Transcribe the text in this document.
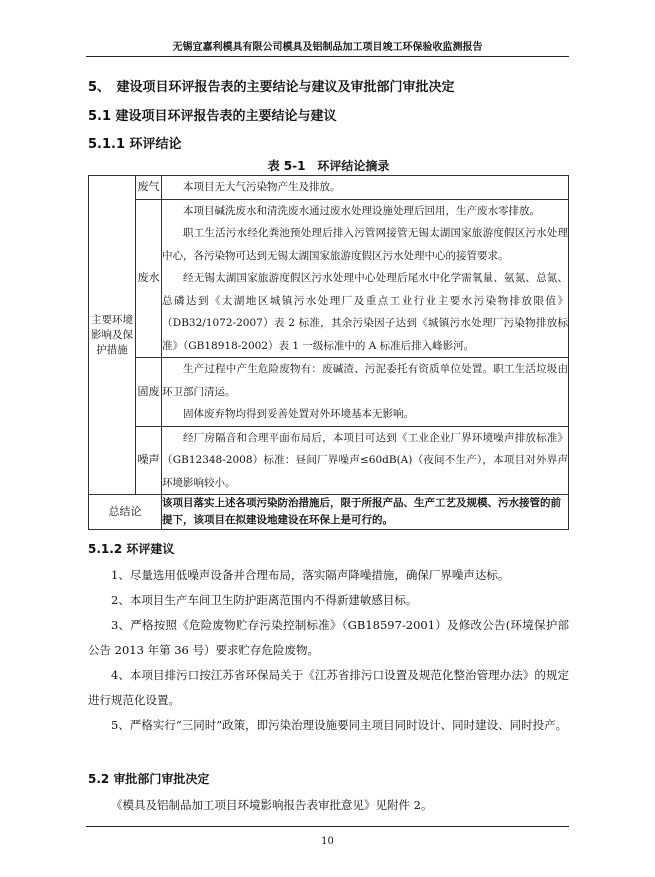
无锡宜嘉利模具有限公司模具及铝制品加工项目竣工环保验收监测报告
5、　建设项目环评报告表的主要结论与建议及审批部门审批决定
5.1 建设项目环评报告表的主要结论与建议
5.1.1 环评结论
表 5-1　环评结论摘录
主要环境影响及保护措施	废气	本项目无大气污染物产生及排放。

	废水	本项目碱洗废水和清洗废水通过废水处理设施处理后回用，生产废水零排放。
职工生活污水经化粪池预处理后排入污管网接管无锡太湖国家旅游度假区污水处理中心，各污染物可达到无锡太湖国家旅游度假区污水处理中心的接管要求。
经无锡太湖国家旅游度假区污水处理中心处理后尾水中化学需氧量、氨氮、总氮、总磷达到《太湖地区城镇污水处理厂及重点工业行业主要水污染物排放限值》（DB32/1072-2007）表 2 标准，其余污染因子达到《城镇污水处理厂污染物排放标准》（GB18918-2002）表 1 一级标准中的 A 标准后排入峰影河。

	固废	生产过程中产生危险废物有：废碱渣、污泥委托有资质单位处置。职工生活垃圾由环卫部门清运。
固体废弃物均得到妥善处置对外环境基本无影响。

	噪声	经厂房隔音和合理平面布局后，本项目可达到《工业企业厂界环境噪声排放标准》（GB12348-2008）标准：昼间厂界噪声≤60dB(A)（夜间不生产），本项目对外界声环境影响较小。

总结论		该项目落实上述各项污染防治措施后，限于所报产品、生产工艺及规模、污水接管的前提下，该项目在拟建设地建设在环保上是可行的。
5.1.2 环评建议
1、尽量选用低噪声设备并合理布局，落实隔声降噪措施，确保厂界噪声达标。
2、本项目生产车间卫生防护距离范围内不得新建敏感目标。
3、严格按照《危险废物贮存污染控制标准》（GB18597-2001）及修改公告(环境保护部公告 2013 年第 36 号）要求贮存危险废物。
4、本项目排污口按江苏省环保局关于《江苏省排污口设置及规范化整治管理办法》的规定进行规范化设置。
5、严格实行“三同时”政策，即污染治理设施要同主项目同时设计、同时建设、同时投产。
5.2 审批部门审批决定
《模具及铝制品加工项目环境影响报告表审批意见》见附件 2。
10
